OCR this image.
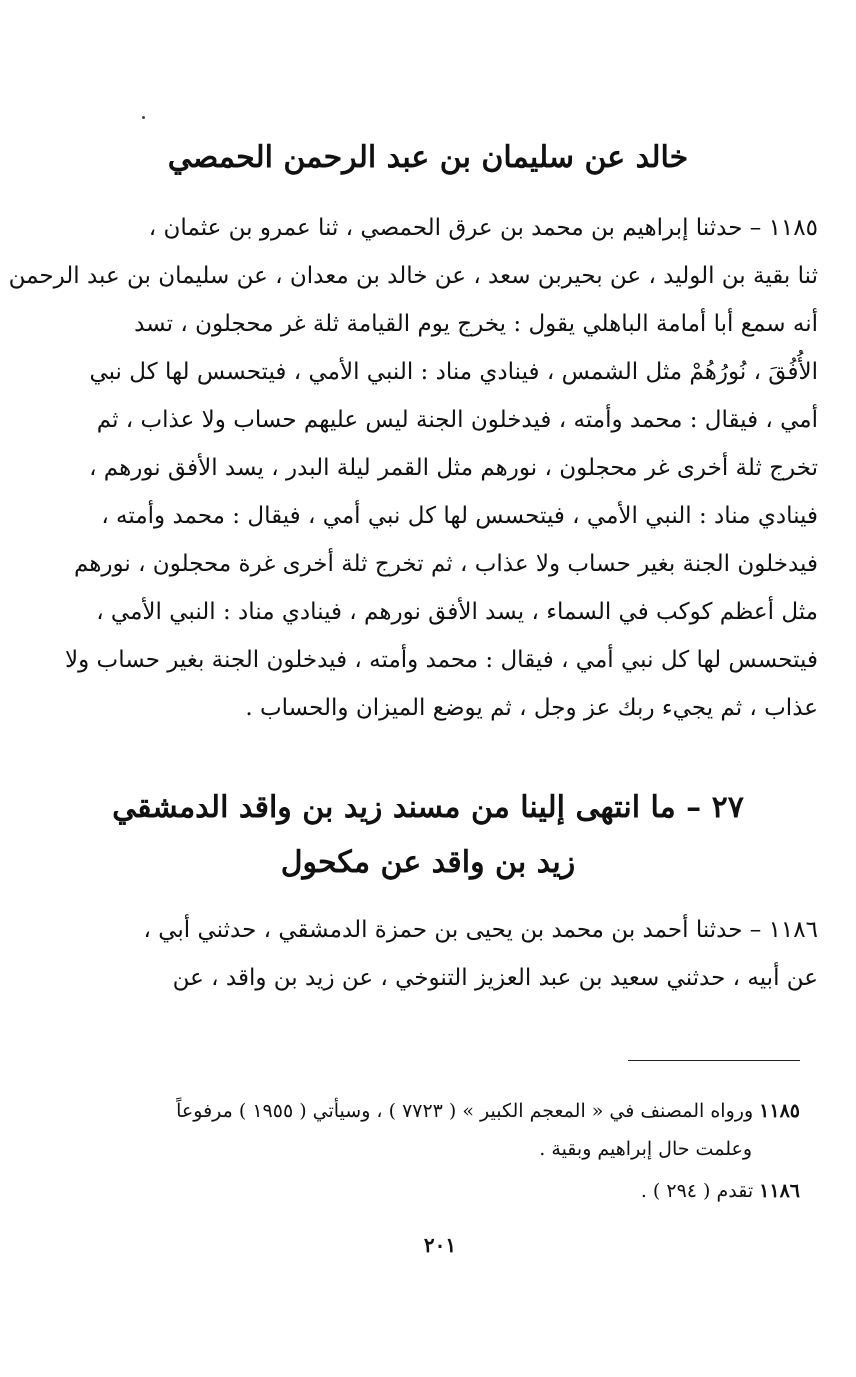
خالد عن سليمان بن عبد الرحمن الحمصي
١١٨٥ – حدثنا إبراهيم بن محمد بن عرق الحمصي ، ثنا عمرو بن عثمان ،
ثنا بقية بن الوليد ، عن بحيربن سعد ، عن خالد بن معدان ، عن سليمان بن عبد الرحمن
أنه سمع أبا أمامة الباهلي يقول : يخرج يوم القيامة ثلة غر محجلون ، تسد
الأُفُقَ ، نُورُهُمْ مثل الشمس ، فينادي مناد : النبي الأمي ، فيتحسس لها كل نبي
أمي ، فيقال : محمد وأمته ، فيدخلون الجنة ليس عليهم حساب ولا عذاب ، ثم
تخرج ثلة أخرى غر محجلون ، نورهم مثل القمر ليلة البدر ، يسد الأفق نورهم ،
فينادي مناد : النبي الأمي ، فيتحسس لها كل نبي أمي ، فيقال : محمد وأمته ،
فيدخلون الجنة بغير حساب ولا عذاب ، ثم تخرج ثلة أخرى غرة محجلون ، نورهم
مثل أعظم كوكب في السماء ، يسد الأفق نورهم ، فينادي مناد : النبي الأمي ،
فيتحسس لها كل نبي أمي ، فيقال : محمد وأمته ، فيدخلون الجنة بغير حساب ولا
عذاب ، ثم يجيء ربك عز وجل ، ثم يوضع الميزان والحساب .
٢٧ – ما انتهى إلينا من مسند زيد بن واقد الدمشقي
زيد بن واقد عن مكحول
١١٨٦ – حدثنا أحمد بن محمد بن يحيى بن حمزة الدمشقي ، حدثني أبي ،
عن أبيه ، حدثني سعيد بن عبد العزيز التنوخي ، عن زيد بن واقد ، عن
١١٨٥ ورواه المصنف في « المعجم الكبير » ( ٧٧٢٣ ) ، وسيأتي ( ١٩٥٥ ) مرفوعاً
وعلمت حال إبراهيم وبقية .
١١٨٦ تقدم ( ٢٩٤ ) .
٢٠١
